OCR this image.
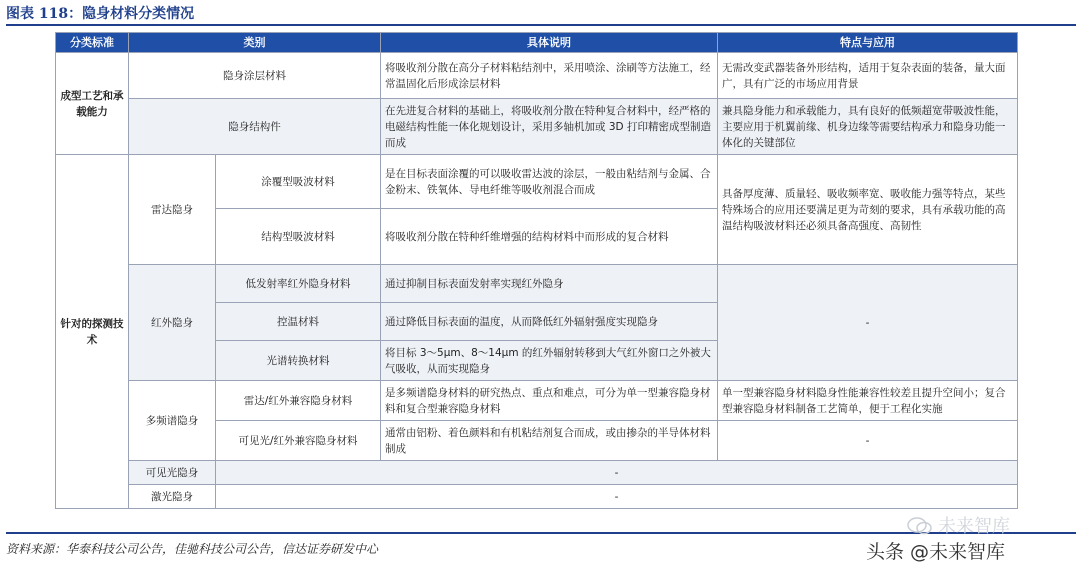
图表 118：隐身材料分类情况
分类标准	类别		具体说明	特点与应用
成型工艺和承载能力	隐身涂层材料		将吸收剂分散在高分子材料粘结剂中，采用喷涂、涂刷等方法施工，经常温固化后形成涂层材料	无需改变武器装备外形结构，适用于复杂表面的装备，量大面广，具有广泛的市场应用背景
	隐身结构件		在先进复合材料的基础上，将吸收剂分散在特种复合材料中，经严格的电磁结构性能一体化规划设计，采用多轴机加或 3D 打印精密成型制造而成	兼具隐身能力和承载能力，具有良好的低频超宽带吸波性能，主要应用于机翼前缘、机身边缘等需要结构承力和隐身功能一体化的关键部位
针对的探测技术	雷达隐身	涂覆型吸波材料	是在目标表面涂覆的可以吸收雷达波的涂层，一般由粘结剂与金属、合金粉末、铁氧体、导电纤维等吸收剂混合而成	具备厚度薄、质量轻、吸收频率宽、吸收能力强等特点，某些特殊场合的应用还要满足更为苛刻的要求，具有承载功能的高温结构吸波材料还必须具备高强度、高韧性
		结构型吸波材料	将吸收剂分散在特种纤维增强的结构材料中而形成的复合材料	
	红外隐身	低发射率红外隐身材料	通过抑制目标表面发射率实现红外隐身	-
		控温材料	通过降低目标表面的温度，从而降低红外辐射强度实现隐身	
		光谱转换材料	将目标 3～5μm、8～14μm 的红外辐射转移到大气红外窗口之外被大气吸收，从而实现隐身	
	多频谱隐身	雷达/红外兼容隐身材料	是多频谱隐身材料的研究热点、重点和难点，可分为单一型兼容隐身材料和复合型兼容隐身材料	单一型兼容隐身材料隐身性能兼容性较差且提升空间小；复合型兼容隐身材料制备工艺简单，便于工程化实施
		可见光/红外兼容隐身材料	通常由铝粉、着色颜料和有机粘结剂复合而成，或由掺杂的半导体材料制成	-
	可见光隐身	-		
	激光隐身	-		
资料来源：华泰科技公司公告，佳驰科技公司公告，信达证券研发中心
未来智库
头条 @未来智库
